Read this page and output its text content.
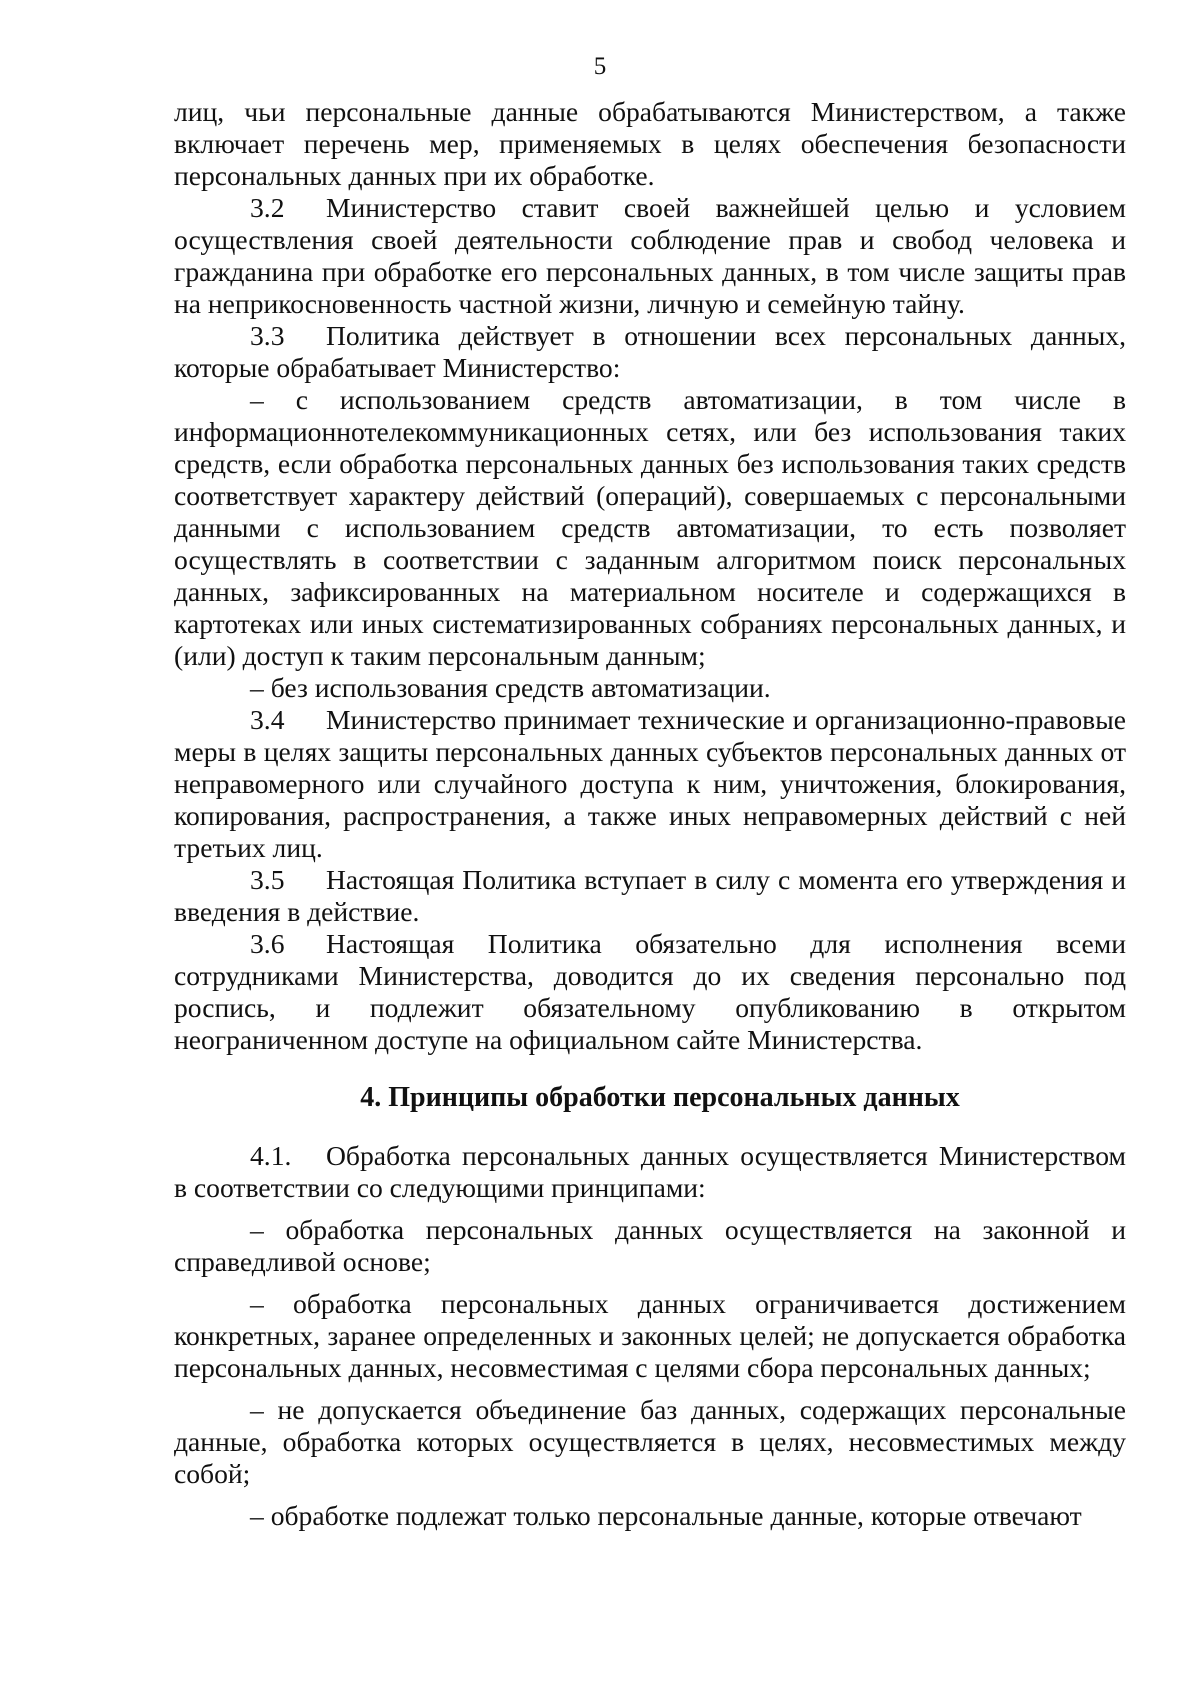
5

лиц, чьи персональные данные обрабатываются Министерством, а также включает перечень мер, применяемых в целях обеспечения безопасности персональных данных при их обработке.

3.2 Министерство ставит своей важнейшей целью и условием осуществления своей деятельности соблюдение прав и свобод человека и гражданина при обработке его персональных данных, в том числе защиты прав на неприкосновенность частной жизни, личную и семейную тайну.

3.3 Политика действует в отношении всех персональных данных, которые обрабатывает Министерство:

– с использованием средств автоматизации, в том числе в информационнотелекоммуникационных сетях, или без использования таких средств, если обработка персональных данных без использования таких средств соответствует характеру действий (операций), совершаемых с персональными данными с использованием средств автоматизации, то есть позволяет осуществлять в соответствии с заданным алгоритмом поиск персональных данных, зафиксированных на материальном носителе и содержащихся в картотеках или иных систематизированных собраниях персональных данных, и (или) доступ к таким персональным данным;

– без использования средств автоматизации.

3.4 Министерство принимает технические и организационно-правовые меры в целях защиты персональных данных субъектов персональных данных от неправомерного или случайного доступа к ним, уничтожения, блокирования, копирования, распространения, а также иных неправомерных действий с ней третьих лиц.

3.5 Настоящая Политика вступает в силу с момента его утверждения и введения в действие.

3.6 Настоящая Политика обязательно для исполнения всеми сотрудниками Министерства, доводится до их сведения персонально под роспись, и подлежит обязательному опубликованию в открытом неограниченном доступе на официальном сайте Министерства.

4. Принципы обработки персональных данных

4.1. Обработка персональных данных осуществляется Министерством в соответствии со следующими принципами:

– обработка персональных данных осуществляется на законной и справедливой основе;

– обработка персональных данных ограничивается достижением конкретных, заранее определенных и законных целей; не допускается обработка персональных данных, несовместимая с целями сбора персональных данных;

– не допускается объединение баз данных, содержащих персональные данные, обработка которых осуществляется в целях, несовместимых между собой;

– обработке подлежат только персональные данные, которые отвечают
